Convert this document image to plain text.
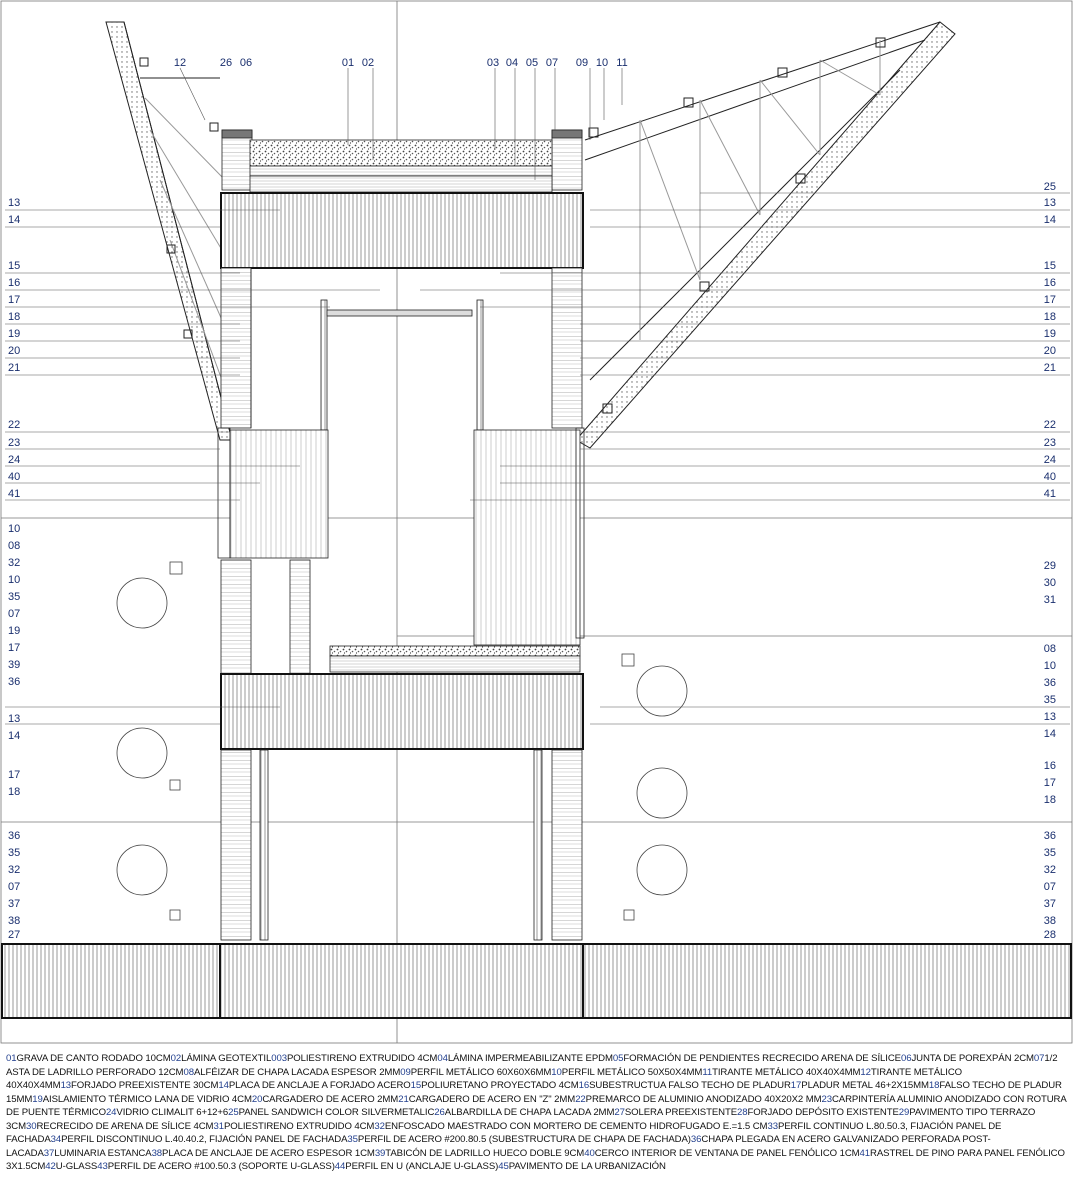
12	26 06	01 02	03 04 05 07 09 10 11
13
14
15
16
17
18
19
20
21
22
23
24
40
41
10
08
32
10
35
07
19
17
39
36
13
14
17
18
36
35
32
07
37
38
27
25
13
14
15
16
17
18
19
20
21
22
23
24
40
41
29
30
31
08
10
36
35
13
14
16
17
18
36
35
32
07
37
38
28
01GRAVA DE CANTO RODADO 10CM02LÁMINA GEOTEXTIL003POLIESTIRENO EXTRUDIDO 4CM04LÁMINA IMPERMEABILIZANTE EPDM05FORMACIÓN DE PENDIENTES RECRECIDO ARENA DE SÍLICE06JUNTA DE POREXPÁN 2CM071/2 ASTA DE LADRILLO PERFORADO 12CM08ALFÉIZAR DE CHAPA LACADA ESPESOR 2MM09PERFIL METÁLICO 60X60X6MM10PERFIL METÁLICO 50X50X4MM11TIRANTE METÁLICO 40X40X4MM12TIRANTE METÁLICO 40X40X4MM13FORJADO PREEXISTENTE 30CM14PLACA DE ANCLAJE A FORJADO ACERO15POLIURETANO PROYECTADO 4CM16SUBESTRUCTUA FALSO TECHO DE PLADUR17PLADUR METAL 46+2X15MM18FALSO TECHO DE PLADUR 15MM19AISLAMIENTO TÉRMICO LANA DE VIDRIO 4CM20CARGADERO DE ACERO 2MM21CARGADERO DE ACERO EN "Z" 2MM22PREMARCO DE ALUMINIO ANODIZADO 40X20X2 MM23CARPINTERÍA ALUMINIO ANODIZADO CON ROTURA DE PUENTE TÉRMICO24VIDRIO CLIMALIT 6+12+625PANEL SANDWICH COLOR SILVERMETALIC26ALBARDILLA DE CHAPA LACADA 2MM27SOLERA PREEXISTENTE28FORJADO DEPÓSITO EXISTENTE29PAVIMENTO TIPO TERRAZO 3CM30RECRECIDO DE ARENA DE SÍLICE 4CM31POLIESTIRENO EXTRUDIDO 4CM32ENFOSCADO MAESTRADO CON MORTERO DE CEMENTO HIDROFUGADO E.=1.5 CM33PERFIL CONTINUO L.80.50.3, FIJACIÓN PANEL DE FACHADA34PERFIL DISCONTINUO L.40.40.2, FIJACIÓN PANEL DE FACHADA35PERFIL DE ACERO #200.80.5 (SUBESTRUCTURA DE CHAPA DE FACHADA)36CHAPA PLEGADA EN ACERO GALVANIZADO PERFORADA POST-LACADA37LUMINARIA ESTANCA38PLACA DE ANCLAJE DE ACERO ESPESOR 1CM39TABICÓN DE LADRILLO HUECO DOBLE 9CM40CERCO INTERIOR DE VENTANA DE PANEL FENÓLICO 1CM41RASTREL DE PINO PARA PANEL FENÓLICO 3X1.5CM42U-GLASS43PERFIL DE ACERO #100.50.3 (SOPORTE U-GLASS)44PERFIL EN U (ANCLAJE U-GLASS)45PAVIMENTO DE LA URBANIZACIÓN
